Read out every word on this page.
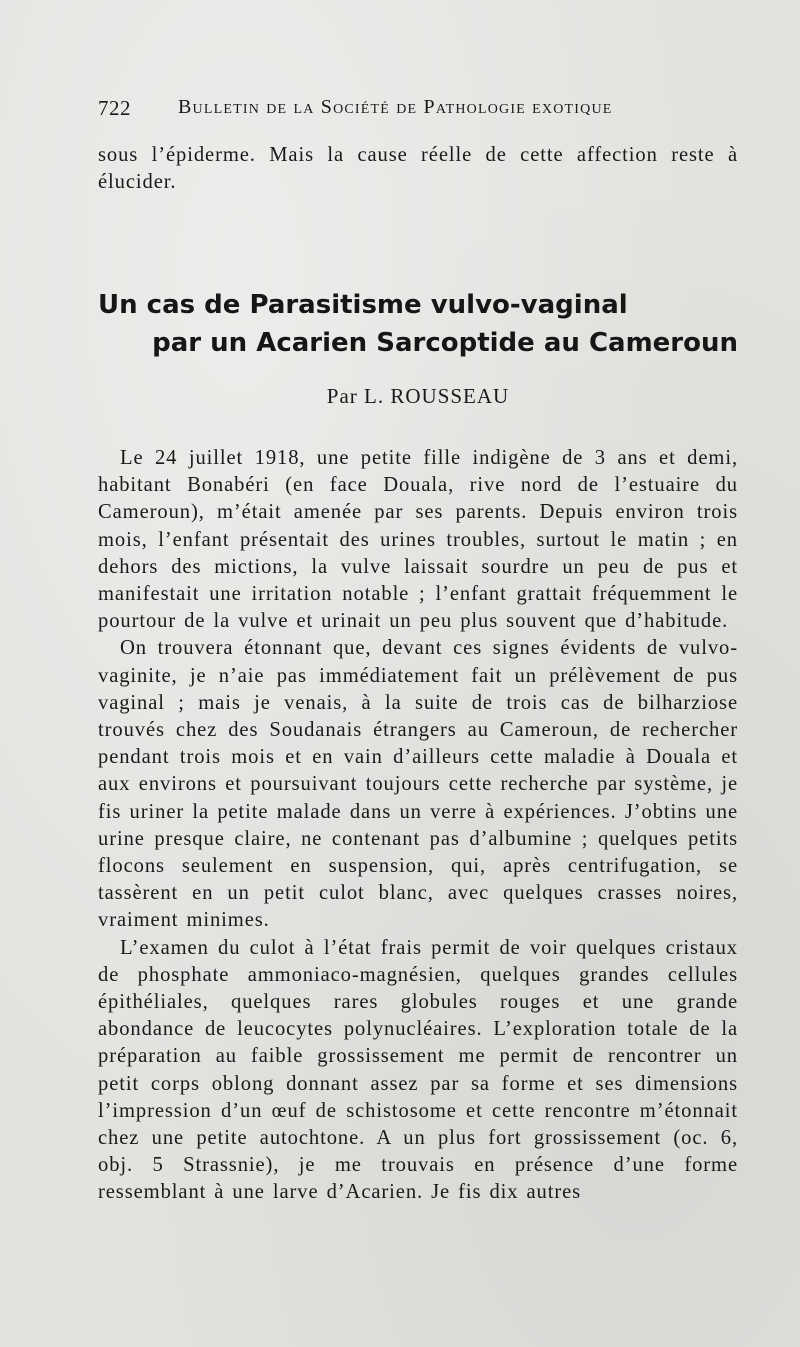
722 Bulletin de la Société de Pathologie exotique

sous l’épiderme. Mais la cause réelle de cette affection reste à élucider.

Un cas de Parasitisme vulvo-vaginal
par un Acarien Sarcoptide au Cameroun
Par L. ROUSSEAU

Le 24 juillet 1918, une petite fille indigène de 3 ans et demi, habitant Bonabéri (en face Douala, rive nord de l’estuaire du Cameroun), m’était amenée par ses parents. Depuis environ trois mois, l’enfant présentait des urines troubles, surtout le matin ; en dehors des mictions, la vulve laissait sourdre un peu de pus et manifestait une irritation notable ; l’enfant grattait fréquemment le pourtour de la vulve et urinait un peu plus souvent que d’habitude.

On trouvera étonnant que, devant ces signes évidents de vulvo-vaginite, je n’aie pas immédiatement fait un prélèvement de pus vaginal ; mais je venais, à la suite de trois cas de bilharziose trouvés chez des Soudanais étrangers au Cameroun, de rechercher pendant trois mois et en vain d’ailleurs cette maladie à Douala et aux environs et poursuivant toujours cette recherche par système, je fis uriner la petite malade dans un verre à expériences. J’obtins une urine presque claire, ne contenant pas d’albumine ; quelques petits flocons seulement en suspension, qui, après centrifugation, se tassèrent en un petit culot blanc, avec quelques crasses noires, vraiment minimes.

L’examen du culot à l’état frais permit de voir quelques cristaux de phosphate ammoniaco-magnésien, quelques grandes cellules épithéliales, quelques rares globules rouges et une grande abondance de leucocytes polynucléaires. L’exploration totale de la préparation au faible grossissement me permit de rencontrer un petit corps oblong donnant assez par sa forme et ses dimensions l’impression d’un œuf de schistosome et cette rencontre m’étonnait chez une petite autochtone. A un plus fort grossissement (oc. 6, obj. 5 Strassnie), je me trouvais en présence d’une forme ressemblant à une larve d’Acarien. Je fis dix autres
